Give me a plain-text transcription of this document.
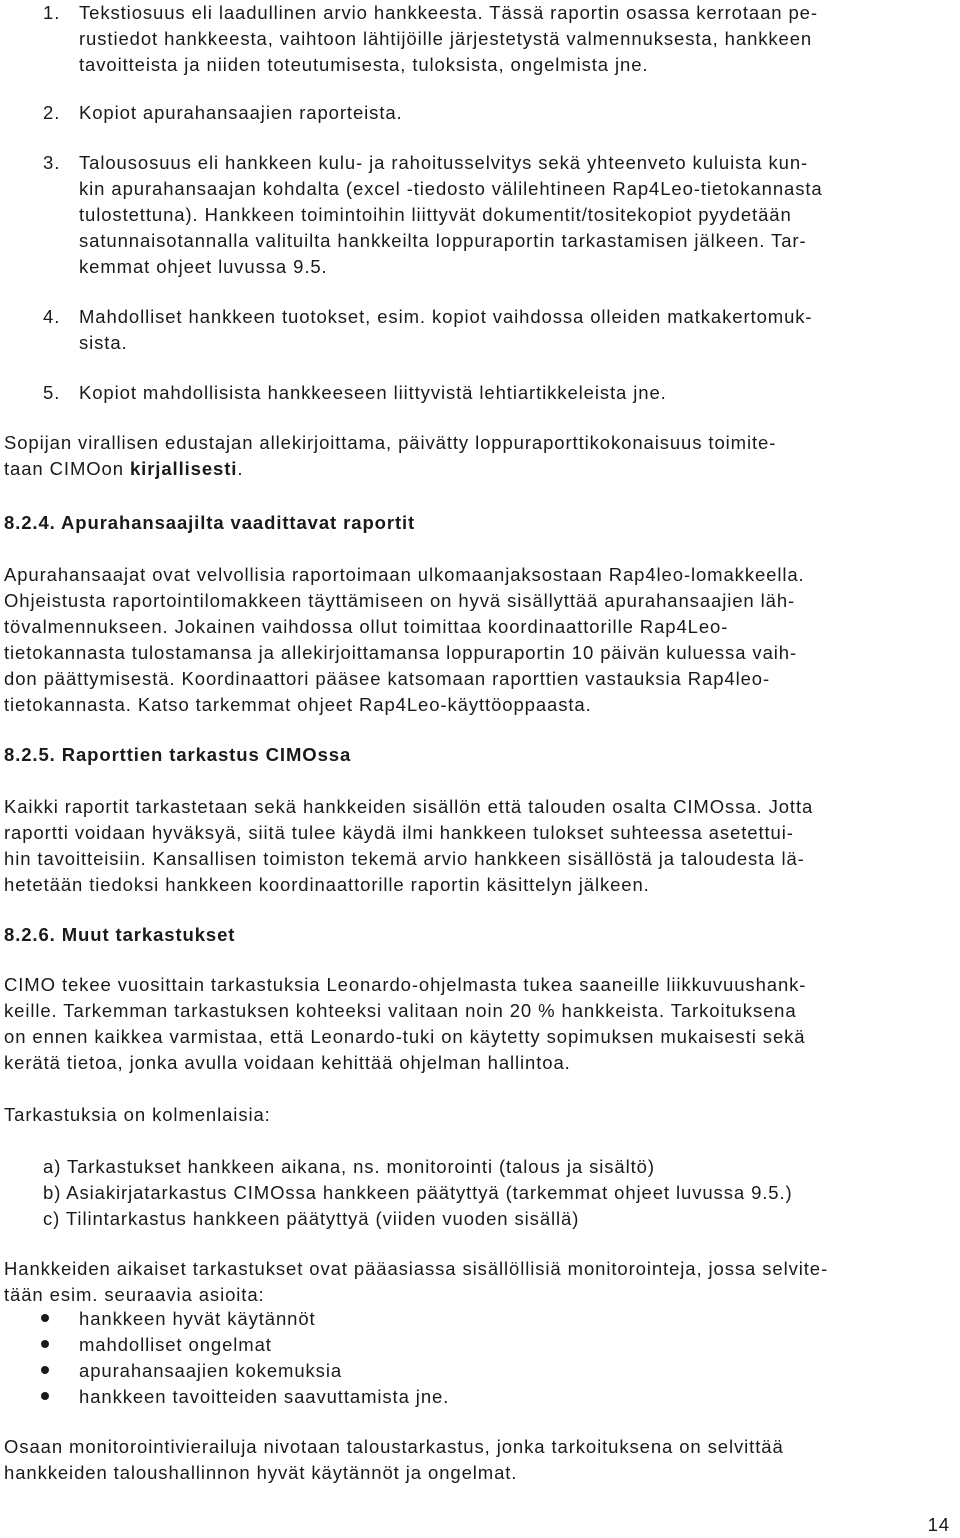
1. Tekstiosuus eli laadullinen arvio hankkeesta. Tässä raportin osassa kerrotaan pe-
rustiedot hankkeesta, vaihtoon lähtijöille järjestetystä valmennuksesta, hankkeen
tavoitteista ja niiden toteutumisesta, tuloksista, ongelmista jne.
2. Kopiot apurahansaajien raporteista.
3. Talousosuus eli hankkeen kulu- ja rahoitusselvitys sekä yhteenveto kuluista kun-
kin apurahansaajan kohdalta (excel -tiedosto välilehtineen Rap4Leo-tietokannasta
tulostettuna). Hankkeen toimintoihin liittyvät dokumentit/tositekopiot pyydetään
satunnaisotannalla valituilta hankkeilta loppuraportin tarkastamisen jälkeen. Tar-
kemmat ohjeet luvussa 9.5.
4. Mahdolliset hankkeen tuotokset, esim. kopiot vaihdossa olleiden matkakertomuk-
sista.
5. Kopiot mahdollisista hankkeeseen liittyvistä lehtiartikkeleista jne.
Sopijan virallisen edustajan allekirjoittama, päivätty loppuraporttikokonaisuus toimite-
taan CIMOon kirjallisesti.
8.2.4. Apurahansaajilta vaadittavat raportit
Apurahansaajat ovat velvollisia raportoimaan ulkomaanjaksostaan Rap4leo-lomakkeella.
Ohjeistusta raportointilomakkeen täyttämiseen on hyvä sisällyttää apurahansaajien läh-
tövalmennukseen. Jokainen vaihdossa ollut toimittaa koordinaattorille Rap4Leo-
tietokannasta tulostamansa ja allekirjoittamansa loppuraportin 10 päivän kuluessa vaih-
don päättymisestä. Koordinaattori pääsee katsomaan raporttien vastauksia Rap4leo-
tietokannasta. Katso tarkemmat ohjeet Rap4Leo-käyttöoppaasta.
8.2.5. Raporttien tarkastus CIMOssa
Kaikki raportit tarkastetaan sekä hankkeiden sisällön että talouden osalta CIMOssa. Jotta
raportti voidaan hyväksyä, siitä tulee käydä ilmi hankkeen tulokset suhteessa asetettui-
hin tavoitteisiin. Kansallisen toimiston tekemä arvio hankkeen sisällöstä ja taloudesta lä-
hetetään tiedoksi hankkeen koordinaattorille raportin käsittelyn jälkeen.
8.2.6. Muut tarkastukset
CIMO tekee vuosittain tarkastuksia Leonardo-ohjelmasta tukea saaneille liikkuvuushank-
keille. Tarkemman tarkastuksen kohteeksi valitaan noin 20 % hankkeista. Tarkoituksena
on ennen kaikkea varmistaa, että Leonardo-tuki on käytetty sopimuksen mukaisesti sekä
kerätä tietoa, jonka avulla voidaan kehittää ohjelman hallintoa.
Tarkastuksia on kolmenlaisia:
a) Tarkastukset hankkeen aikana, ns. monitorointi (talous ja sisältö)
b) Asiakirjatarkastus CIMOssa hankkeen päätyttyä (tarkemmat ohjeet luvussa 9.5.)
c) Tilintarkastus hankkeen päätyttyä (viiden vuoden sisällä)
Hankkeiden aikaiset tarkastukset ovat pääasiassa sisällöllisiä monitorointeja, jossa selvite-
tään esim. seuraavia asioita:
hankkeen hyvät käytännöt
mahdolliset ongelmat
apurahansaajien kokemuksia
hankkeen tavoitteiden saavuttamista jne.
Osaan monitorointivierailuja nivotaan taloustarkastus, jonka tarkoituksena on selvittää
hankkeiden taloushallinnon hyvät käytännöt ja ongelmat.
14
